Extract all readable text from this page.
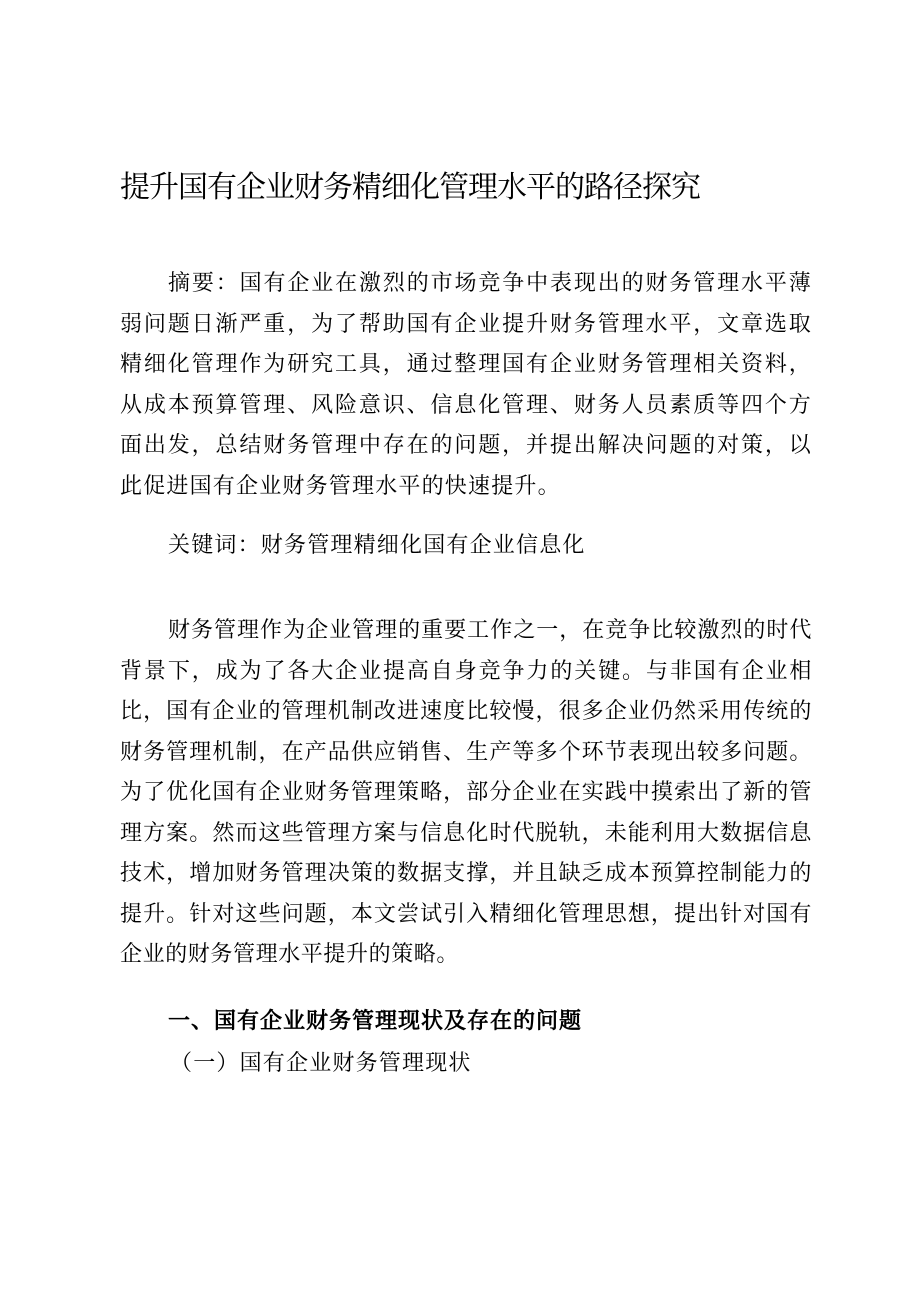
提升国有企业财务精细化管理水平的路径探究
摘要：国有企业在激烈的市场竞争中表现出的财务管理水平薄弱问题日渐严重，为了帮助国有企业提升财务管理水平，文章选取精细化管理作为研究工具，通过整理国有企业财务管理相关资料，从成本预算管理、风险意识、信息化管理、财务人员素质等四个方面出发，总结财务管理中存在的问题，并提出解决问题的对策，以此促进国有企业财务管理水平的快速提升。
关键词：财务管理精细化国有企业信息化
财务管理作为企业管理的重要工作之一，在竞争比较激烈的时代背景下，成为了各大企业提高自身竞争力的关键。与非国有企业相比，国有企业的管理机制改进速度比较慢，很多企业仍然采用传统的财务管理机制，在产品供应销售、生产等多个环节表现出较多问题。为了优化国有企业财务管理策略，部分企业在实践中摸索出了新的管理方案。然而这些管理方案与信息化时代脱轨，未能利用大数据信息技术，增加财务管理决策的数据支撑，并且缺乏成本预算控制能力的提升。针对这些问题，本文尝试引入精细化管理思想，提出针对国有企业的财务管理水平提升的策略。
一、国有企业财务管理现状及存在的问题
（一）国有企业财务管理现状
